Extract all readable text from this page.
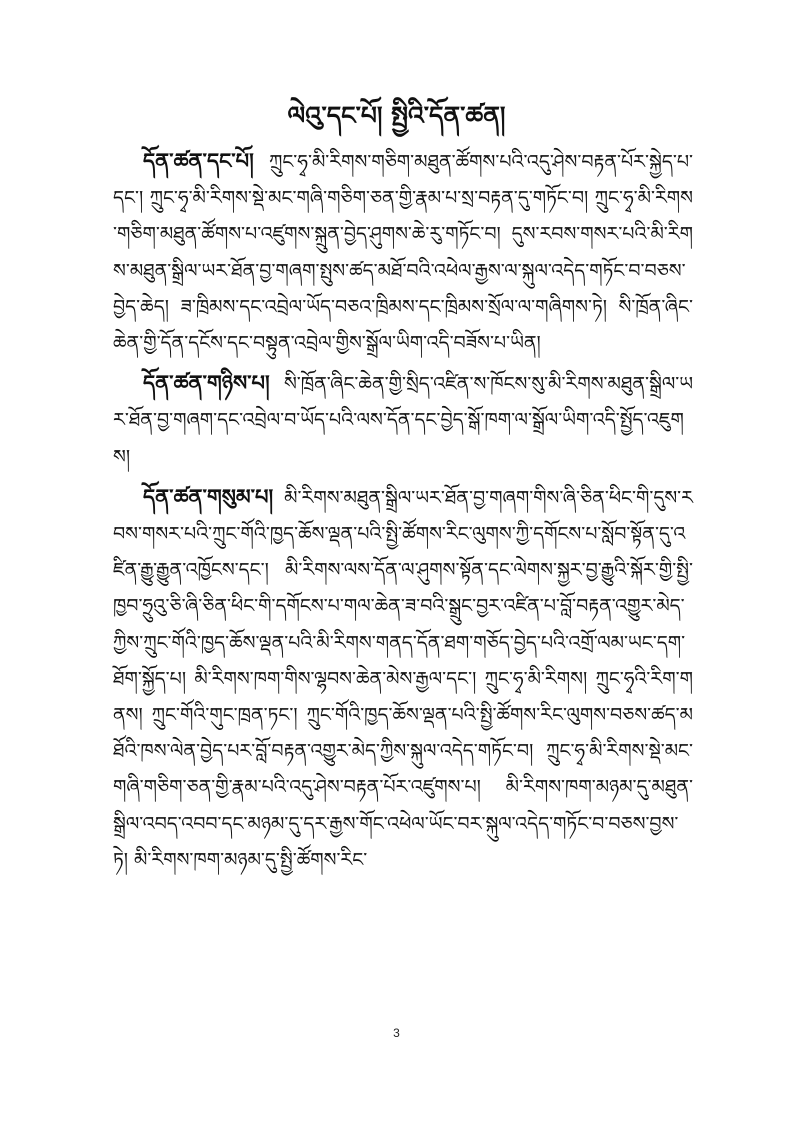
ལེའུ་དང་པོ། སྤྱིའི་དོན་ཚན།

དོན་ཚན་དང་པོ། ཀྲུང་ཧྭ་མི་རིགས་གཅིག་མཐུན་ཚོགས་པའི་འདུ་ཤེས་བརྟན་པོར་སྐྱེད་པ་དང་། ཀྲུང་ཧྭ་མི་རིགས་སྡེ་མང་གཞི་གཅིག་ཅན་གྱི་རྣམ་པ་སྲ་བརྟན་དུ་གཏོང་བ། ཀྲུང་ཧྭ་མི་རིགས་གཅིག་མཐུན་ཚོགས་པ་འཛུགས་སྐྲུན་བྱེད་ཤུགས་ཆེ་རུ་གཏོང་བ། དུས་རབས་གསར་པའི་མི་རིགས་མཐུན་སྒྲིལ་ཡར་ཐོན་བྱ་གཞག་སྤུས་ཚད་མཐོ་བའི་འཕེལ་རྒྱས་ལ་སྐུལ་འདེད་གཏོང་བ་བཅས་བྱེད་ཆེད། ཟ་ཁྲིམས་དང་འབྲེལ་ཡོད་བཅའ་ཁྲིམས་དང་ཁྲིམས་སྲོལ་ལ་གཞིགས་ཏེ། སི་ཁྲོན་ཞིང་ཆེན་གྱི་དོན་དངོས་དང་བསྟུན་འབྲེལ་གྱིས་སྒྲོལ་ཡིག་འདི་བཟོས་པ་ཡིན།

དོན་ཚན་གཉིས་པ། སི་ཁྲོན་ཞིང་ཆེན་གྱི་སྲིད་འཛིན་ས་ཁོངས་སུ་མི་རིགས་མཐུན་སྒྲིལ་ཡར་ཐོན་བྱ་གཞག་དང་འབྲེལ་བ་ཡོད་པའི་ལས་དོན་དང་བྱེད་སྒོ་ཁག་ལ་སྒྲོལ་ཡིག་འདི་སྤྱོད་འཇུགས།

དོན་ཚན་གསུམ་པ། མི་རིགས་མཐུན་སྒྲིལ་ཡར་ཐོན་བྱ་གཞག་གིས་ཞི་ཅིན་ཕིང་གི་དུས་རབས་གསར་པའི་ཀྲུང་གོའི་ཁྱད་ཆོས་ལྡན་པའི་སྤྱི་ཚོགས་རིང་ལུགས་ཀྱི་དགོངས་པ་སློབ་སྟོན་དུ་འཛིན་རྒྱུ་རྒྱུན་འཁྱོངས་དང་། མི་རིགས་ལས་དོན་ལ་ཤུགས་སྟོན་དང་ལེགས་སྐྱར་བྱ་རྒྱུའི་སྐོར་གྱི་སྤྱི་ཁྱབ་ཧྲུའུ་ཅི་ཞི་ཅིན་ཕིང་གི་དགོངས་པ་གལ་ཆེན་ཟ་བའི་སྒྲུང་བྱར་འཛིན་པ་བློ་བརྟན་འགྱུར་མེད་ཀྱིས་ཀྲུང་གོའི་ཁྱད་ཆོས་ལྡན་པའི་མི་རིགས་གནད་དོན་ཐག་གཅོད་བྱེད་པའི་འགྲོ་ལམ་ཡང་དག་ཐོག་སྐྱོད་པ། མི་རིགས་ཁག་གིས་ལྷབས་ཆེན་མེས་རྒྱལ་དང་། ཀྲུང་ཧྭ་མི་རིགས། ཀྲུང་ཧྭའི་རིག་གནས། ཀྲུང་གོའི་གུང་ཁྲན་ཏང་། ཀྲུང་གོའི་ཁྱད་ཆོས་ལྡན་པའི་སྤྱི་ཚོགས་རིང་ལུགས་བཅས་ཚད་མཐོའི་ཁས་ལེན་བྱེད་པར་བློ་བརྟན་འགྱུར་མེད་ཀྱིས་སྐུལ་འདེད་གཏོང་བ། ཀྲུང་ཧྭ་མི་རིགས་སྡེ་མང་གཞི་གཅིག་ཅན་གྱི་རྣམ་པའི་འདུ་ཤེས་བརྟན་པོར་འཛུགས་པ། མི་རིགས་ཁག་མཉམ་དུ་མཐུན་སྒྲིལ་འབད་འབབ་དང་མཉམ་དུ་དར་རྒྱས་གོང་འཕེལ་ཡོང་བར་སྐུལ་འདེད་གཏོང་བ་བཅས་བྱས་ཏེ། མི་རིགས་ཁག་མཉམ་དུ་སྤྱི་ཚོགས་རིང་

3
